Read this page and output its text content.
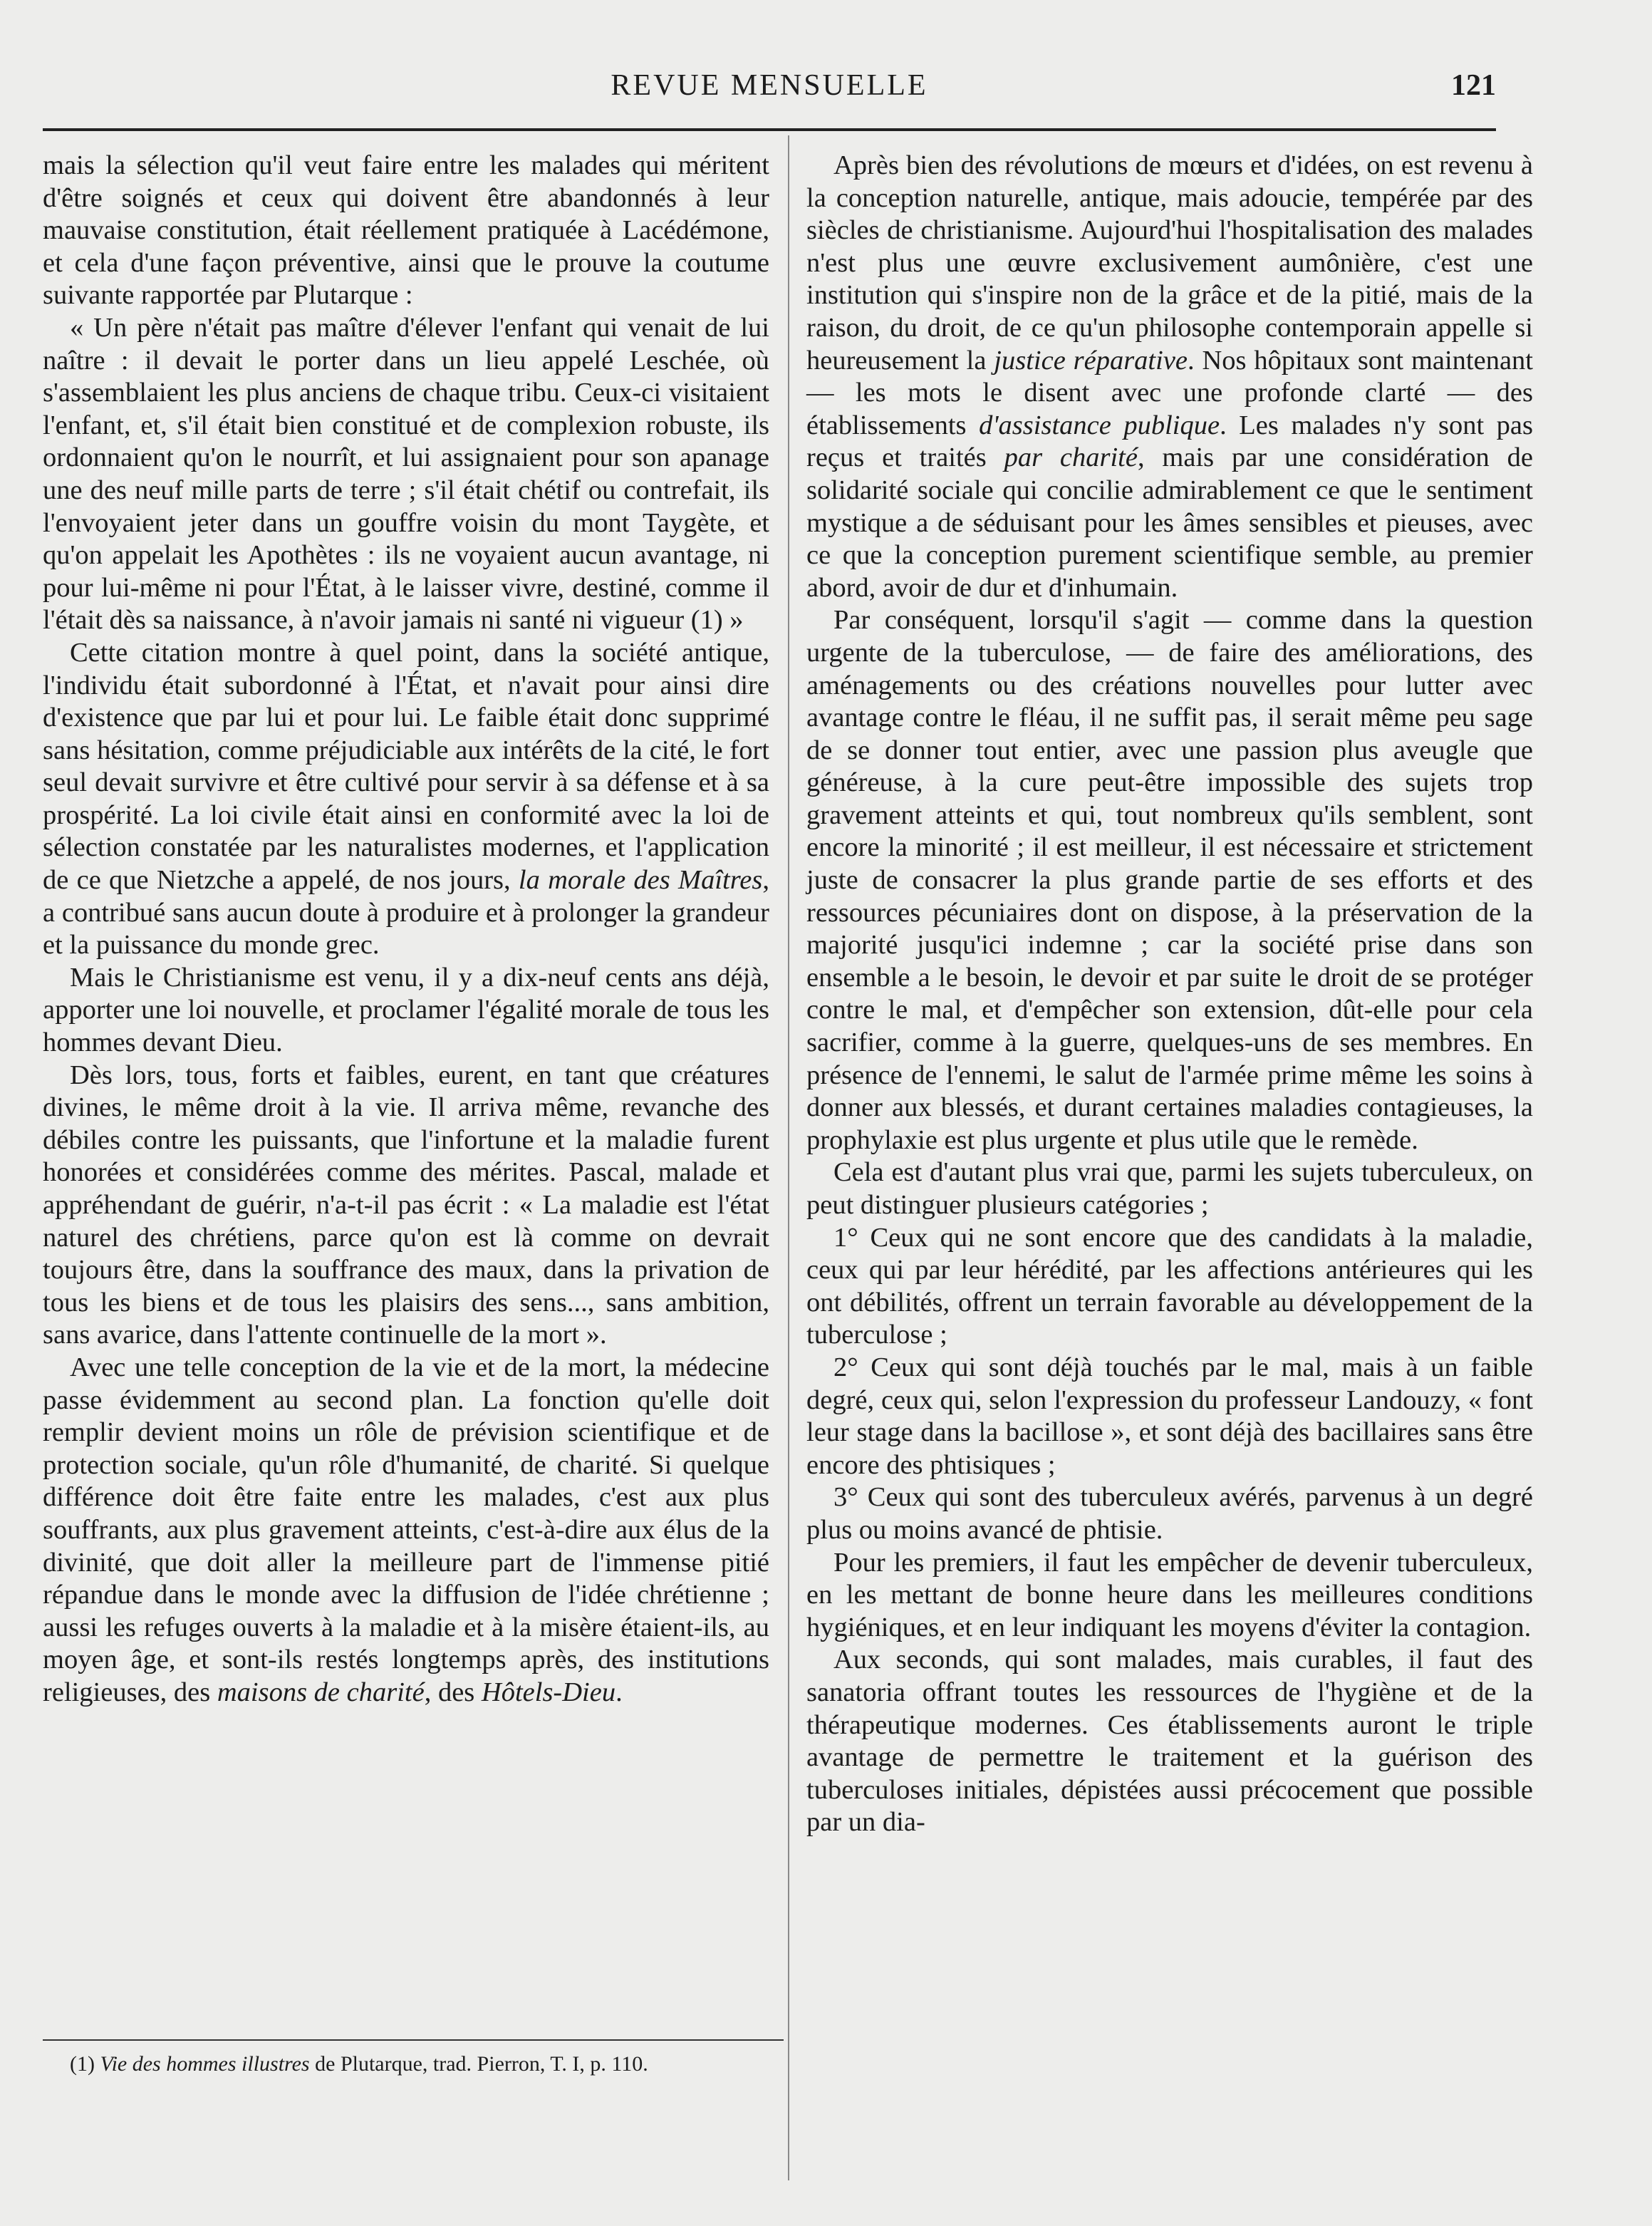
REVUE MENSUELLE	121

mais la sélection qu'il veut faire entre les malades qui méritent d'être soignés et ceux qui doivent être abandonnés à leur mauvaise constitution, était réellement pratiquée à Lacédémone, et cela d'une façon préventive, ainsi que le prouve la coutume suivante rapportée par Plutarque :

« Un père n'était pas maître d'élever l'enfant qui venait de lui naître : il devait le porter dans un lieu appelé Leschée, où s'assemblaient les plus anciens de chaque tribu. Ceux-ci visitaient l'enfant, et, s'il était bien constitué et de complexion robuste, ils ordonnaient qu'on le nourrît, et lui assignaient pour son apanage une des neuf mille parts de terre ; s'il était chétif ou contrefait, ils l'envoyaient jeter dans un gouffre voisin du mont Taygète, et qu'on appelait les Apothètes : ils ne voyaient aucun avantage, ni pour lui-même ni pour l'État, à le laisser vivre, destiné, comme il l'était dès sa naissance, à n'avoir jamais ni santé ni vigueur (1) »

Cette citation montre à quel point, dans la société antique, l'individu était subordonné à l'État, et n'avait pour ainsi dire d'existence que par lui et pour lui. Le faible était donc supprimé sans hésitation, comme préjudiciable aux intérêts de la cité, le fort seul devait survivre et être cultivé pour servir à sa défense et à sa prospérité. La loi civile était ainsi en conformité avec la loi de sélection constatée par les naturalistes modernes, et l'application de ce que Nietzche a appelé, de nos jours, la morale des Maîtres, a contribué sans aucun doute à produire et à prolonger la grandeur et la puissance du monde grec.

Mais le Christianisme est venu, il y a dix-neuf cents ans déjà, apporter une loi nouvelle, et proclamer l'égalité morale de tous les hommes devant Dieu.

Dès lors, tous, forts et faibles, eurent, en tant que créatures divines, le même droit à la vie. Il arriva même, revanche des débiles contre les puissants, que l'infortune et la maladie furent honorées et considérées comme des mérites. Pascal, malade et appréhendant de guérir, n'a-t-il pas écrit : « La maladie est l'état naturel des chrétiens, parce qu'on est là comme on devrait toujours être, dans la souffrance des maux, dans la privation de tous les biens et de tous les plaisirs des sens..., sans ambition, sans avarice, dans l'attente continuelle de la mort ».

Avec une telle conception de la vie et de la mort, la médecine passe évidemment au second plan. La fonction qu'elle doit remplir devient moins un rôle de prévision scientifique et de protection sociale, qu'un rôle d'humanité, de charité. Si quelque différence doit être faite entre les malades, c'est aux plus souffrants, aux plus gravement atteints, c'est-à-dire aux élus de la divinité, que doit aller la meilleure part de l'immense pitié répandue dans le monde avec la diffusion de l'idée chrétienne ; aussi les refuges ouverts à la maladie et à la misère étaient-ils, au moyen âge, et sont-ils restés longtemps après, des institutions religieuses, des maisons de charité, des Hôtels-Dieu.

Après bien des révolutions de mœurs et d'idées, on est revenu à la conception naturelle, antique, mais adoucie, tempérée par des siècles de christianisme. Aujourd'hui l'hospitalisation des malades n'est plus une œuvre exclusivement aumônière, c'est une institution qui s'inspire non de la grâce et de la pitié, mais de la raison, du droit, de ce qu'un philosophe contemporain appelle si heureusement la justice réparative. Nos hôpitaux sont maintenant — les mots le disent avec une profonde clarté — des établissements d'assistance publique. Les malades n'y sont pas reçus et traités par charité, mais par une considération de solidarité sociale qui concilie admirablement ce que le sentiment mystique a de séduisant pour les âmes sensibles et pieuses, avec ce que la conception purement scientifique semble, au premier abord, avoir de dur et d'inhumain.

Par conséquent, lorsqu'il s'agit — comme dans la question urgente de la tuberculose, — de faire des améliorations, des aménagements ou des créations nouvelles pour lutter avec avantage contre le fléau, il ne suffit pas, il serait même peu sage de se donner tout entier, avec une passion plus aveugle que généreuse, à la cure peut-être impossible des sujets trop gravement atteints et qui, tout nombreux qu'ils semblent, sont encore la minorité ; il est meilleur, il est nécessaire et strictement juste de consacrer la plus grande partie de ses efforts et des ressources pécuniaires dont on dispose, à la préservation de la majorité jusqu'ici indemne ; car la société prise dans son ensemble a le besoin, le devoir et par suite le droit de se protéger contre le mal, et d'empêcher son extension, dût-elle pour cela sacrifier, comme à la guerre, quelques-uns de ses membres. En présence de l'ennemi, le salut de l'armée prime même les soins à donner aux blessés, et durant certaines maladies contagieuses, la prophylaxie est plus urgente et plus utile que le remède.

Cela est d'autant plus vrai que, parmi les sujets tuberculeux, on peut distinguer plusieurs catégories ;

1° Ceux qui ne sont encore que des candidats à la maladie, ceux qui par leur hérédité, par les affections antérieures qui les ont débilités, offrent un terrain favorable au développement de la tuberculose ;

2° Ceux qui sont déjà touchés par le mal, mais à un faible degré, ceux qui, selon l'expression du professeur Landouzy, « font leur stage dans la bacillose », et sont déjà des bacillaires sans être encore des phtisiques ;

3° Ceux qui sont des tuberculeux avérés, parvenus à un degré plus ou moins avancé de phtisie.

Pour les premiers, il faut les empêcher de devenir tuberculeux, en les mettant de bonne heure dans les meilleures conditions hygiéniques, et en leur indiquant les moyens d'éviter la contagion.

Aux seconds, qui sont malades, mais curables, il faut des sanatoria offrant toutes les ressources de l'hygiène et de la thérapeutique modernes. Ces établissements auront le triple avantage de permettre le traitement et la guérison des tuberculoses initiales, dépistées aussi précocement que possible par un dia-

(1) Vie des hommes illustres de Plutarque, trad. Pierron, T. I, p. 110.
